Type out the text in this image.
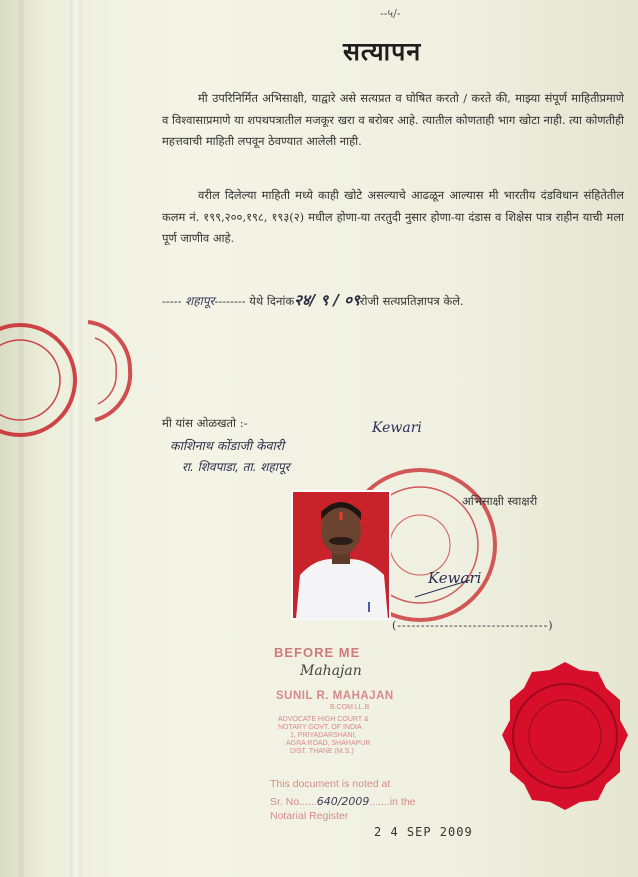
--५/-
सत्यापन
मी उपरिनिर्मित अभिसाक्षी, याद्वारे असे सत्यप्रत व घोषित करतो / करते की, माझ्या संपूर्ण माहितीप्रमाणे व विश्वासाप्रमाणे या शपथपत्रातील मजकूर खरा व बरोबर आहे. त्यातील कोणताही भाग खोटा नाही. त्या कोणतीही महत्तवाची माहिती लपवून ठेवण्यात आलेली नाही.
वरील दिलेल्या माहिती मध्ये काही खोटे असल्याचे आढळून आल्यास मी भारतीय दंडविधान संहितेतील कलम नं. १९९,२००,१९८, १९३(२) मधील होणा-या तरतुदी नुसार होणा-या दंडास व शिक्षेस पात्र राहीन याची मला पूर्ण जाणीव आहे.
----- शहापूर-------- येथे दिनांक२४/ ९ / ०९रोजी सत्यप्रतिज्ञापत्र केले.
मी यांस ओळखतो :-
काशिनाथ कोंडाजी केवारी
रा. शिवपाडा, ता. शहापूर
Kewari
अभिसाक्षी स्वाक्षरी
Kewari
(--------------------------------)
BEFORE ME
Mahajan
SUNIL R. MAHAJAN
B.COM LL.B
ADVOCATE HIGH COURT &
NOTARY GOVT. OF INDIA
1, PRIYADARSHANI,
AGRA ROAD, SHAHAPUR
DIST. THANE (M.S.)
This document is noted at
Sr. No......640/2009.......in the
Notarial Register
2 4 SEP 2009
